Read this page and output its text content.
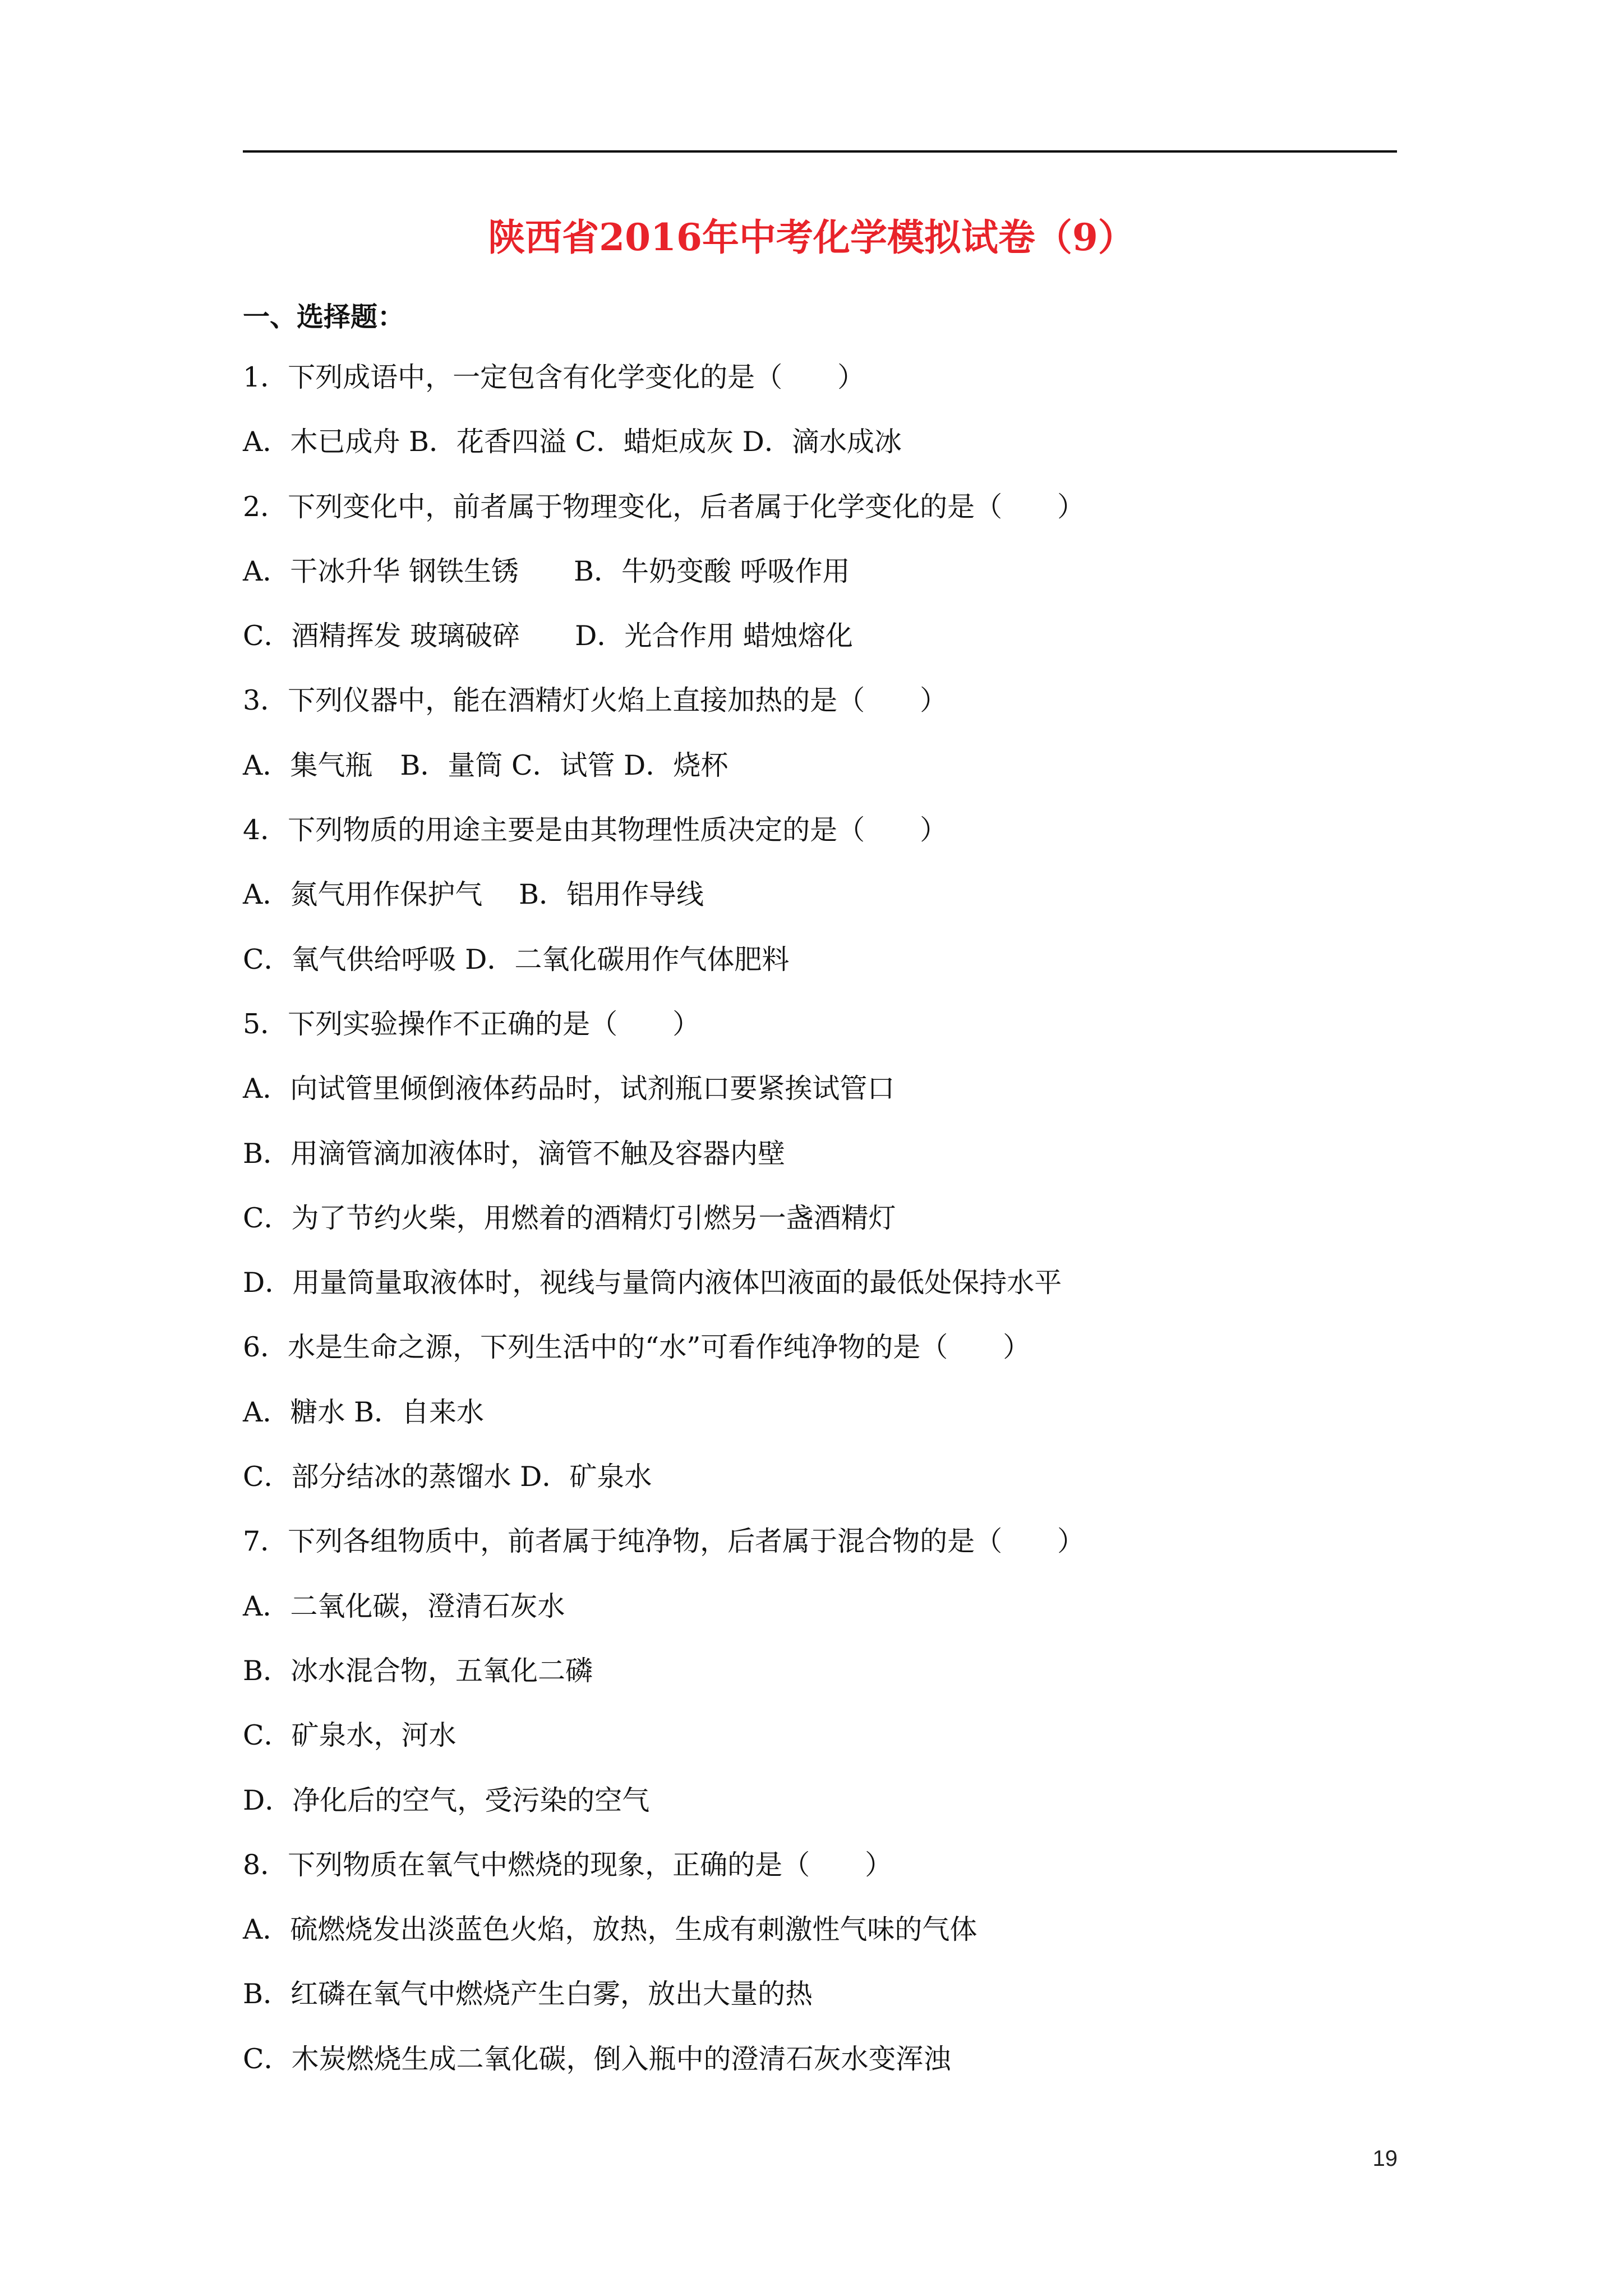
陕西省2016年中考化学模拟试卷（9）
一、选择题：
1．下列成语中，一定包含有化学变化的是（　　）
A．木已成舟 B．花香四溢 C．蜡炬成灰 D．滴水成冰
2．下列变化中，前者属于物理变化，后者属于化学变化的是（　　）
A．干冰升华 钢铁生锈　　B．牛奶变酸 呼吸作用
C．酒精挥发 玻璃破碎　　D．光合作用 蜡烛熔化
3．下列仪器中，能在酒精灯火焰上直接加热的是（　　）
A．集气瓶　B．量筒 C．试管 D．烧杯
4．下列物质的用途主要是由其物理性质决定的是（　　）
A．氮气用作保护气　 B．铝用作导线
C．氧气供给呼吸 D．二氧化碳用作气体肥料
5．下列实验操作不正确的是（　　）
A．向试管里倾倒液体药品时，试剂瓶口要紧挨试管口
B．用滴管滴加液体时，滴管不触及容器内壁
C．为了节约火柴，用燃着的酒精灯引燃另一盏酒精灯
D．用量筒量取液体时，视线与量筒内液体凹液面的最低处保持水平
6．水是生命之源，下列生活中的“水”可看作纯净物的是（　　）
A．糖水 B．自来水
C．部分结冰的蒸馏水 D．矿泉水
7．下列各组物质中，前者属于纯净物，后者属于混合物的是（　　）
A．二氧化碳，澄清石灰水
B．冰水混合物，五氧化二磷
C．矿泉水，河水
D．净化后的空气，受污染的空气
8．下列物质在氧气中燃烧的现象，正确的是（　　）
A．硫燃烧发出淡蓝色火焰，放热，生成有刺激性气味的气体
B．红磷在氧气中燃烧产生白雾，放出大量的热
C．木炭燃烧生成二氧化碳，倒入瓶中的澄清石灰水变浑浊
19
